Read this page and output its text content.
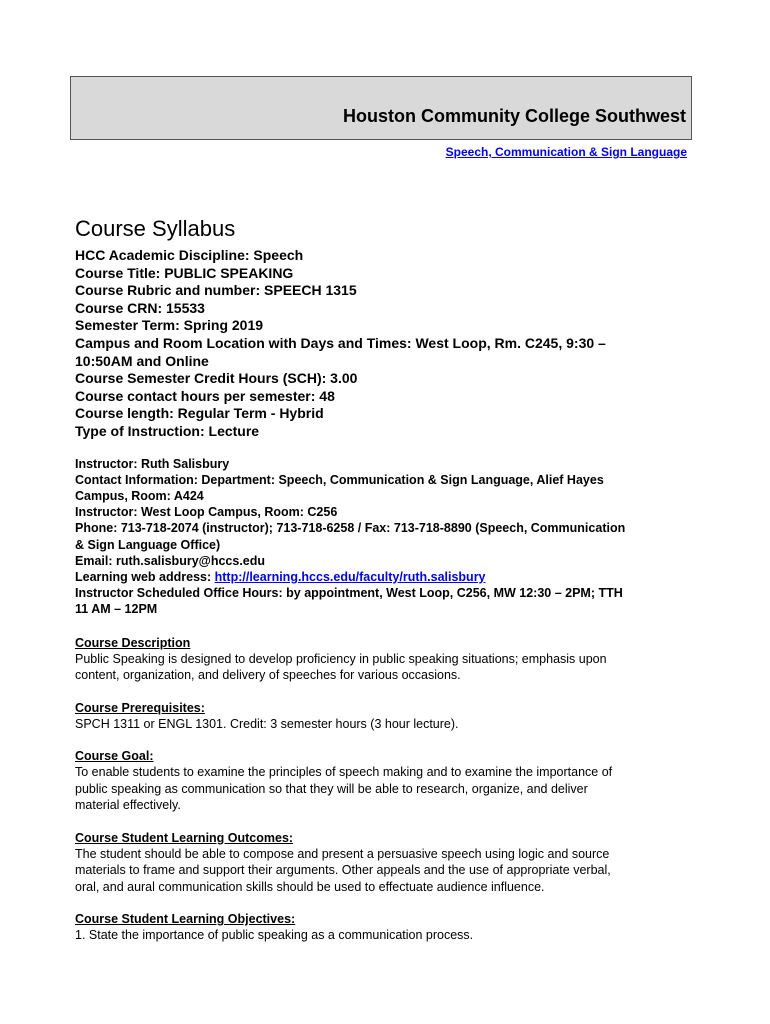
Houston Community College Southwest
Speech, Communication & Sign Language
Course Syllabus
HCC Academic Discipline: Speech
Course Title: PUBLIC SPEAKING
Course Rubric and number: SPEECH 1315
Course CRN: 15533
Semester Term: Spring 2019
Campus and Room Location with Days and Times: West Loop, Rm. C245, 9:30 –
10:50AM and Online
Course Semester Credit Hours (SCH): 3.00
Course contact hours per semester: 48
Course length: Regular Term - Hybrid
Type of Instruction: Lecture
Instructor: Ruth Salisbury
Contact Information: Department: Speech, Communication & Sign Language, Alief Hayes
Campus, Room: A424
Instructor: West Loop Campus, Room: C256
Phone: 713-718-2074 (instructor); 713-718-6258 / Fax: 713-718-8890 (Speech, Communication
& Sign Language Office)
Email: ruth.salisbury@hccs.edu
Learning web address: http://learning.hccs.edu/faculty/ruth.salisbury
Instructor Scheduled Office Hours: by appointment, West Loop, C256, MW 12:30 – 2PM; TTH
11 AM – 12PM
Course Description
Public Speaking is designed to develop proficiency in public speaking situations; emphasis upon
content, organization, and delivery of speeches for various occasions.
Course Prerequisites:
SPCH 1311 or ENGL 1301. Credit: 3 semester hours (3 hour lecture).
Course Goal:
To enable students to examine the principles of speech making and to examine the importance of
public speaking as communication so that they will be able to research, organize, and deliver
material effectively.
Course Student Learning Outcomes:
The student should be able to compose and present a persuasive speech using logic and source
materials to frame and support their arguments. Other appeals and the use of appropriate verbal,
oral, and aural communication skills should be used to effectuate audience influence.
Course Student Learning Objectives:
1. State the importance of public speaking as a communication process.
